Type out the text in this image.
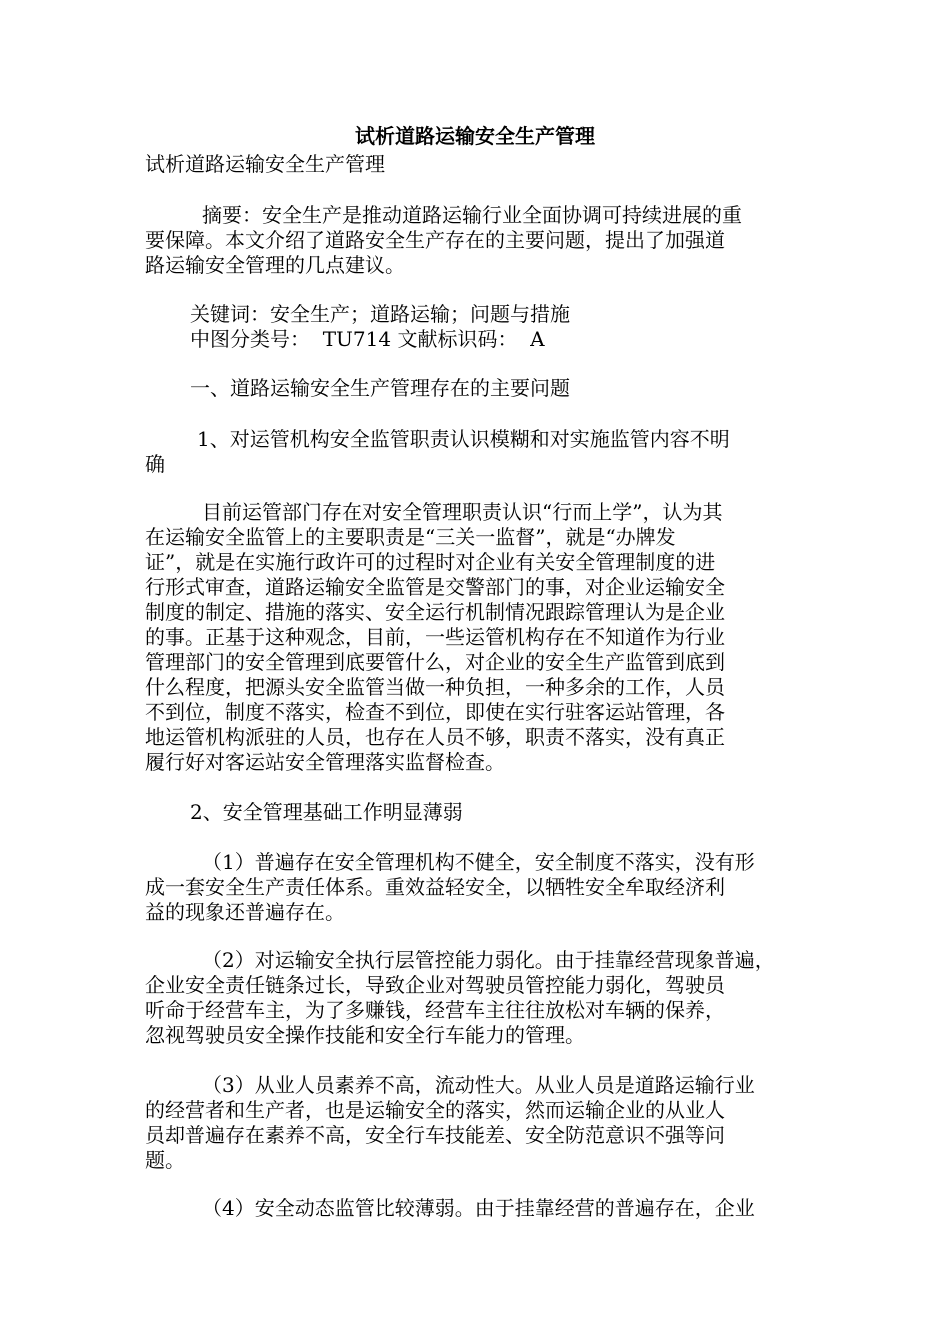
试析道路运输安全生产管理
试析道路运输安全生产管理
摘要：安全生产是推动道路运输行业全面协调可持续进展的重
要保障。本文介绍了道路安全生产存在的主要问题，提出了加强道
路运输安全管理的几点建议。
关键词：安全生产；道路运输；问题与措施
中图分类号：  TU714 文献标识码：  A
一、道路运输安全生产管理存在的主要问题
1、对运管机构安全监管职责认识模糊和对实施监管内容不明
确
目前运管部门存在对安全管理职责认识“行而上学”，认为其
在运输安全监管上的主要职责是“三关一监督”，就是“办牌发
证”，就是在实施行政许可的过程时对企业有关安全管理制度的进
行形式审查，道路运输安全监管是交警部门的事，对企业运输安全
制度的制定、措施的落实、安全运行机制情况跟踪管理认为是企业
的事。正基于这种观念，目前，一些运管机构存在不知道作为行业
管理部门的安全管理到底要管什么，对企业的安全生产监管到底到
什么程度，把源头安全监管当做一种负担，一种多余的工作，人员
不到位，制度不落实，检查不到位，即使在实行驻客运站管理，各
地运管机构派驻的人员，也存在人员不够，职责不落实，没有真正
履行好对客运站安全管理落实监督检查。
2、安全管理基础工作明显薄弱
（1）普遍存在安全管理机构不健全，安全制度不落实，没有形
成一套安全生产责任体系。重效益轻安全，以牺牲安全牟取经济利
益的现象还普遍存在。
（2）对运输安全执行层管控能力弱化。由于挂靠经营现象普遍，
企业安全责任链条过长，导致企业对驾驶员管控能力弱化，驾驶员
听命于经营车主，为了多赚钱，经营车主往往放松对车辆的保养，
忽视驾驶员安全操作技能和安全行车能力的管理。
（3）从业人员素养不高，流动性大。从业人员是道路运输行业
的经营者和生产者，也是运输安全的落实，然而运输企业的从业人
员却普遍存在素养不高，安全行车技能差、安全防范意识不强等问
题。
（4）安全动态监管比较薄弱。由于挂靠经营的普遍存在，企业
